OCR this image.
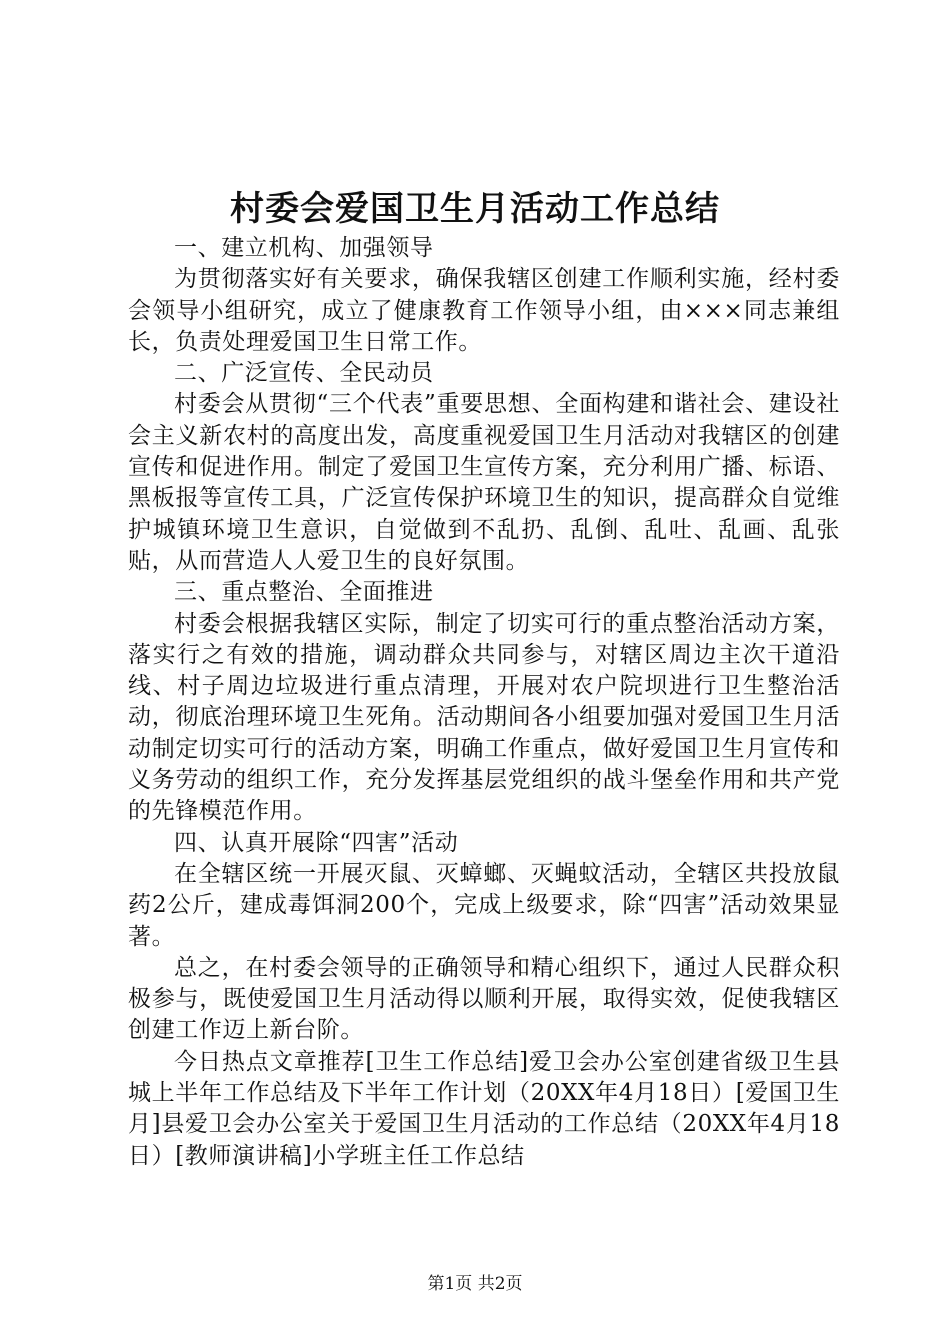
村委会爱国卫生月活动工作总结

一、建立机构、加强领导

为贯彻落实好有关要求，确保我辖区创建工作顺利实施，经村委会领导小组研究，成立了健康教育工作领导小组，由×××同志兼组长，负责处理爱国卫生日常工作。

二、广泛宣传、全民动员

村委会从贯彻“三个代表”重要思想、全面构建和谐社会、建设社会主义新农村的高度出发，高度重视爱国卫生月活动对我辖区的创建宣传和促进作用。制定了爱国卫生宣传方案，充分利用广播、标语、黑板报等宣传工具，广泛宣传保护环境卫生的知识，提高群众自觉维护城镇环境卫生意识，自觉做到不乱扔、乱倒、乱吐、乱画、乱张贴，从而营造人人爱卫生的良好氛围。

三、重点整治、全面推进

村委会根据我辖区实际，制定了切实可行的重点整治活动方案，落实行之有效的措施，调动群众共同参与，对辖区周边主次干道沿线、村子周边垃圾进行重点清理，开展对农户院坝进行卫生整治活动，彻底治理环境卫生死角。活动期间各小组要加强对爱国卫生月活动制定切实可行的活动方案，明确工作重点，做好爱国卫生月宣传和义务劳动的组织工作，充分发挥基层党组织的战斗堡垒作用和共产党的先锋模范作用。

四、认真开展除“四害”活动

在全辖区统一开展灭鼠、灭蟑螂、灭蝇蚊活动，全辖区共投放鼠药2公斤，建成毒饵洞200个，完成上级要求，除“四害”活动效果显著。

总之，在村委会领导的正确领导和精心组织下，通过人民群众积极参与，既使爱国卫生月活动得以顺利开展，取得实效，促使我辖区创建工作迈上新台阶。

今日热点文章推荐[卫生工作总结]爱卫会办公室创建省级卫生县城上半年工作总结及下半年工作计划（20XX年4月18日）[爱国卫生月]县爱卫会办公室关于爱国卫生月活动的工作总结（20XX年4月18日）[教师演讲稿]小学班主任工作总结

第1页 共2页
